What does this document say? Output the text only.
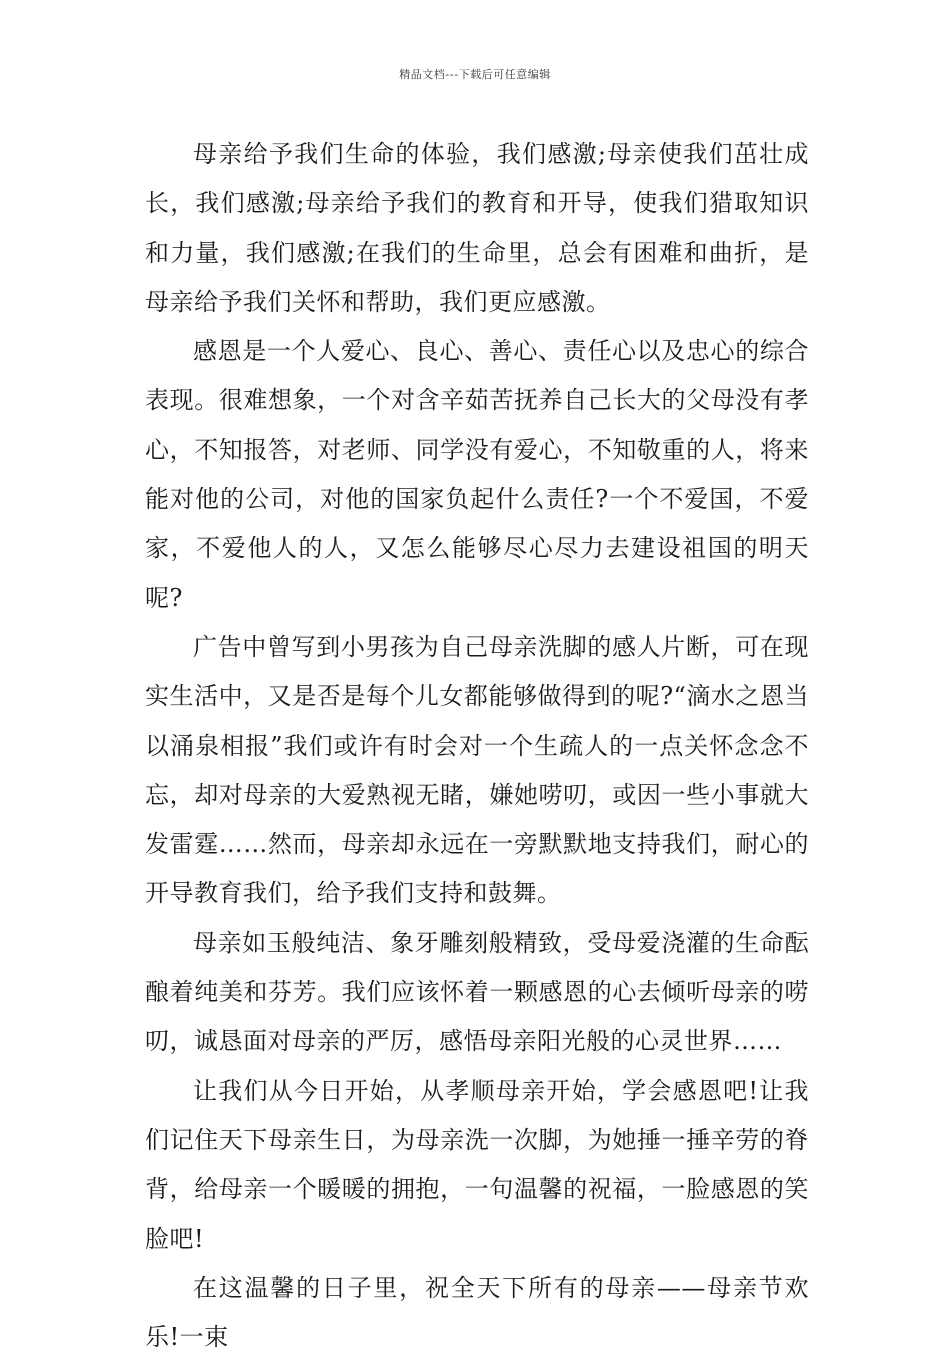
精品文档---下载后可任意编辑

母亲给予我们生命的体验，我们感激;母亲使我们茁壮成长，我们感激;母亲给予我们的教育和开导，使我们猎取知识和力量，我们感激;在我们的生命里，总会有困难和曲折，是母亲给予我们关怀和帮助，我们更应感激。

感恩是一个人爱心、良心、善心、责任心以及忠心的综合表现。很难想象，一个对含辛茹苦抚养自己长大的父母没有孝心，不知报答，对老师、同学没有爱心，不知敬重的人，将来能对他的公司，对他的国家负起什么责任?一个不爱国，不爱家，不爱他人的人，又怎么能够尽心尽力去建设祖国的明天呢?

广告中曾写到小男孩为自己母亲洗脚的感人片断，可在现实生活中，又是否是每个儿女都能够做得到的呢?“滴水之恩当以涌泉相报”我们或许有时会对一个生疏人的一点关怀念念不忘，却对母亲的大爱熟视无睹，嫌她唠叨，或因一些小事就大发雷霆……然而，母亲却永远在一旁默默地支持我们，耐心的开导教育我们，给予我们支持和鼓舞。

母亲如玉般纯洁、象牙雕刻般精致，受母爱浇灌的生命酝酿着纯美和芬芳。我们应该怀着一颗感恩的心去倾听母亲的唠叨，诚恳面对母亲的严厉，感悟母亲阳光般的心灵世界……

让我们从今日开始，从孝顺母亲开始，学会感恩吧!让我们记住天下母亲生日，为母亲洗一次脚，为她捶一捶辛劳的脊背，给母亲一个暖暖的拥抱，一句温馨的祝福，一脸感恩的笑脸吧!

在这温馨的日子里，祝全天下所有的母亲——母亲节欢乐!一束
